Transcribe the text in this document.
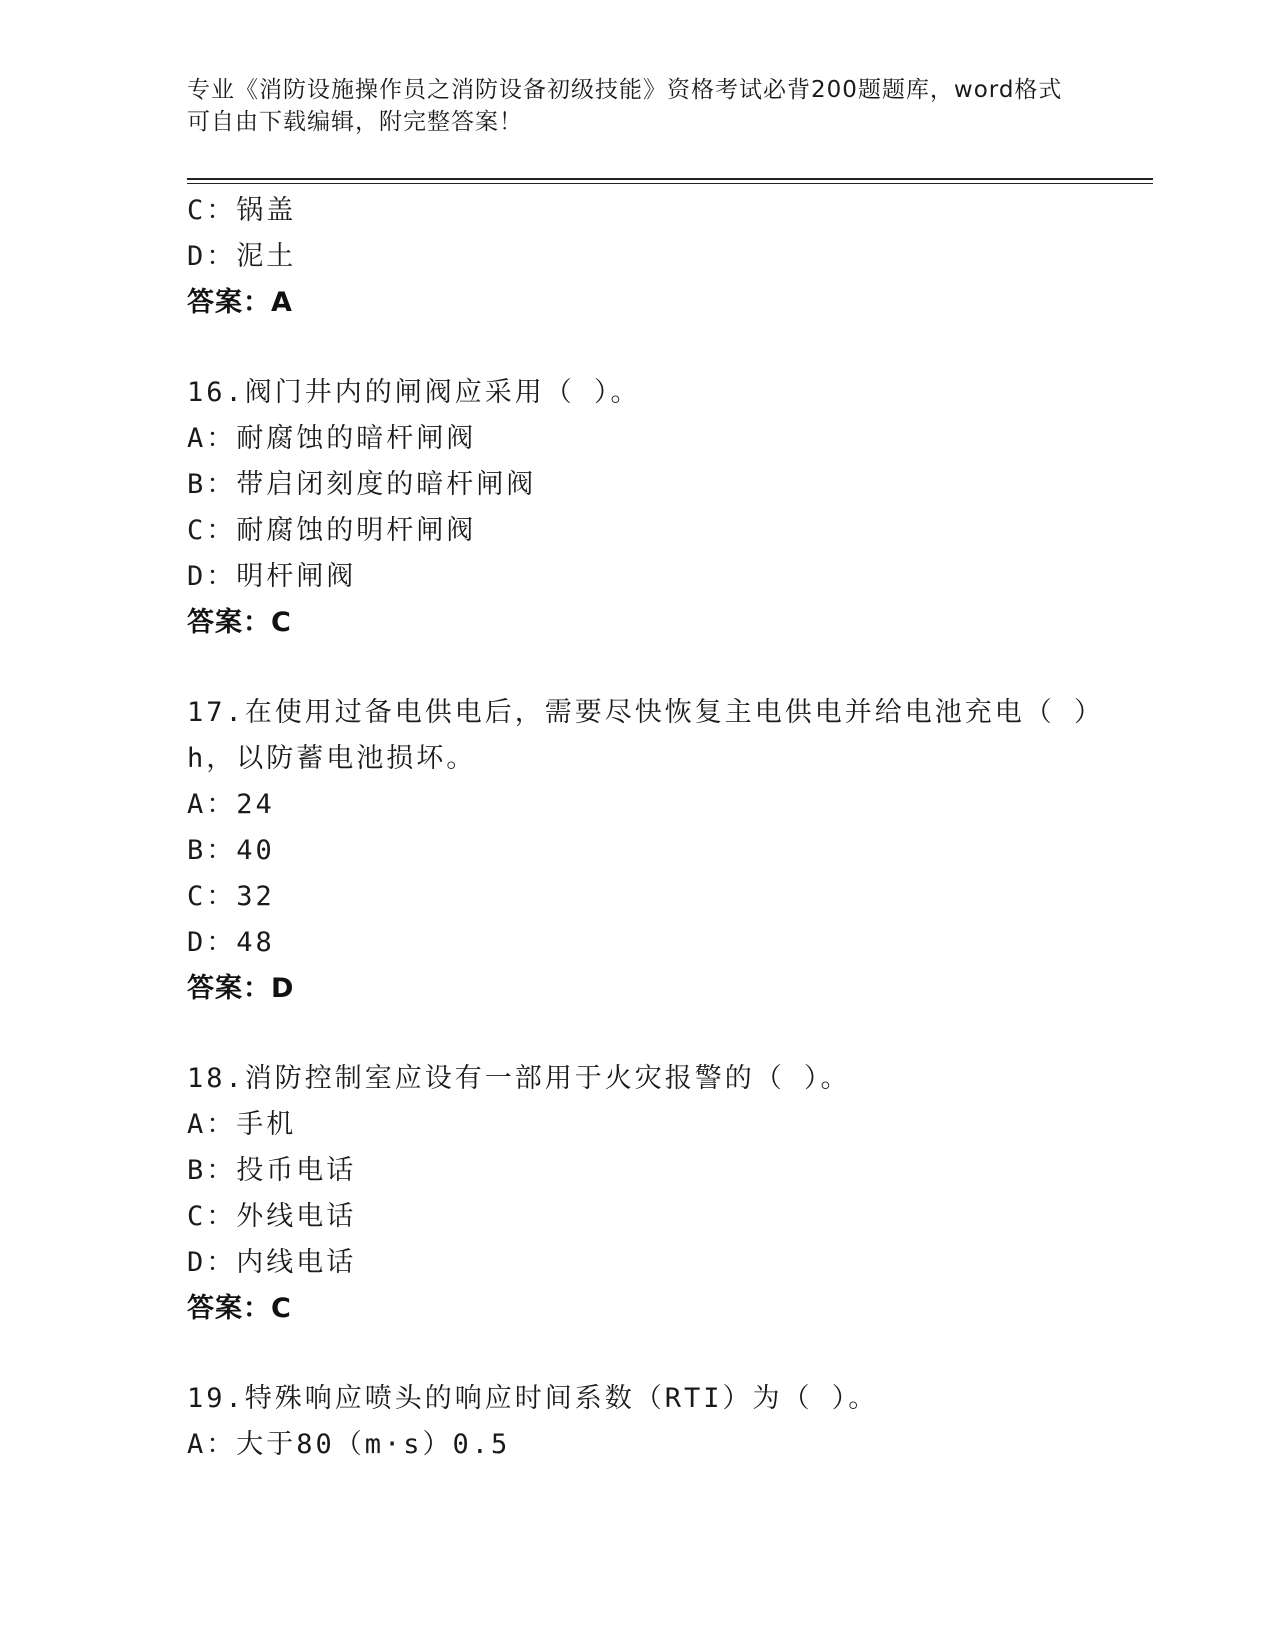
专业《消防设施操作员之消防设备初级技能》资格考试必背200题题库，word格式可自由下载编辑，附完整答案！
C：锅盖
D：泥土
答案：A
16.阀门井内的闸阀应采用（ ）。
A：耐腐蚀的暗杆闸阀
B：带启闭刻度的暗杆闸阀
C：耐腐蚀的明杆闸阀
D：明杆闸阀
答案：C
17.在使用过备电供电后，需要尽快恢复主电供电并给电池充电（ ）
h，以防蓄电池损坏。
A：24
B：40
C：32
D：48
答案：D
18.消防控制室应设有一部用于火灾报警的（ ）。
A：手机
B：投币电话
C：外线电话
D：内线电话
答案：C
19.特殊响应喷头的响应时间系数（RTI）为（ ）。
A：大于80（m·s）0.5
